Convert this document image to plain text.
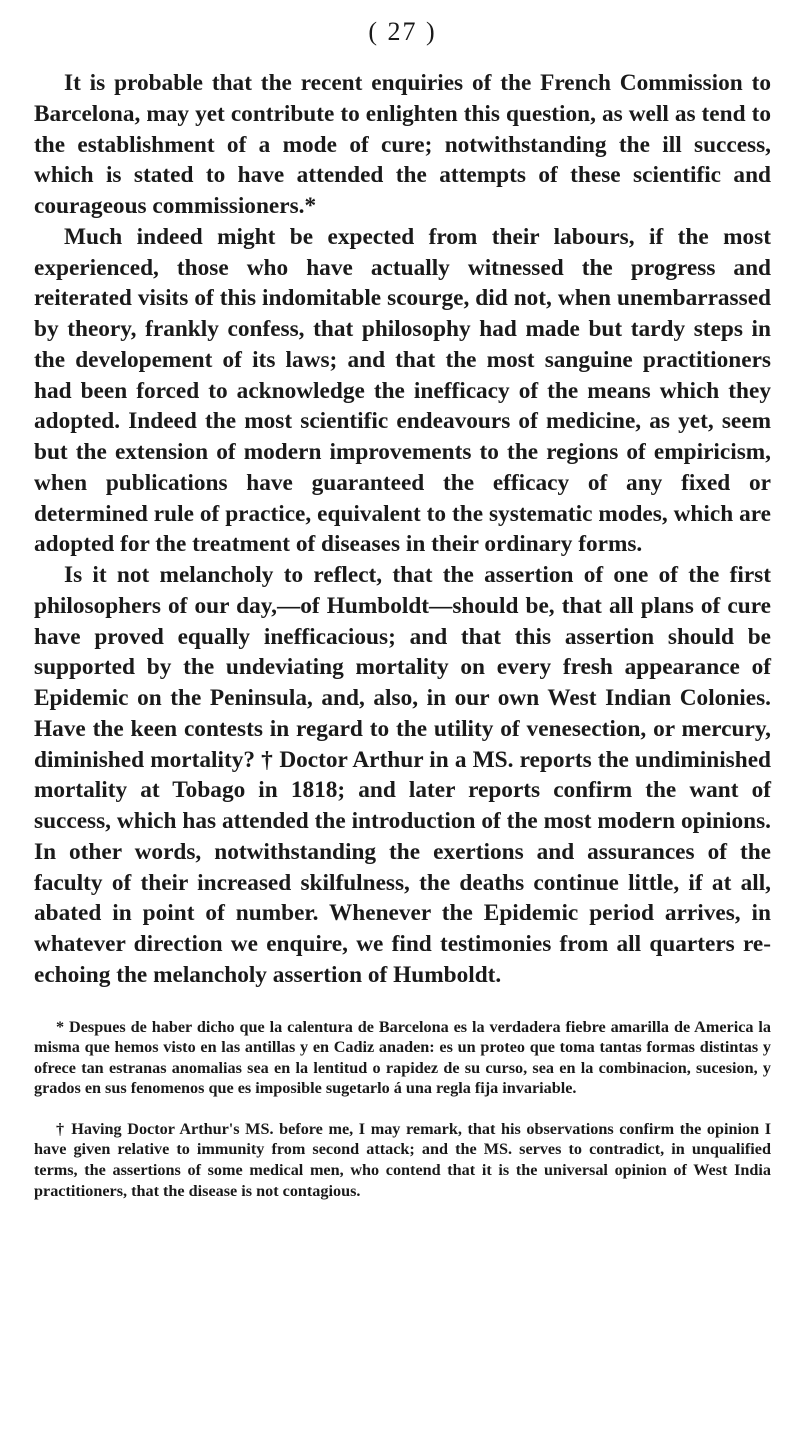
( 27 )

It is probable that the recent enquiries of the French Commission to Barcelona, may yet contribute to enlighten this question, as well as tend to the establishment of a mode of cure; notwithstanding the ill success, which is stated to have attended the attempts of these scientific and courageous commissioners.*

Much indeed might be expected from their labours, if the most experienced, those who have actually witnessed the progress and reiterated visits of this indomitable scourge, did not, when unembarrassed by theory, frankly confess, that philosophy had made but tardy steps in the developement of its laws; and that the most sanguine practitioners had been forced to acknowledge the inefficacy of the means which they adopted. Indeed the most scientific endeavours of medicine, as yet, seem but the extension of modern improvements to the regions of empiricism, when publications have guaranteed the efficacy of any fixed or determined rule of practice, equivalent to the systematic modes, which are adopted for the treatment of diseases in their ordinary forms.

Is it not melancholy to reflect, that the assertion of one of the first philosophers of our day,—of Humboldt—should be, that all plans of cure have proved equally inefficacious; and that this assertion should be supported by the undeviating mortality on every fresh appearance of Epidemic on the Peninsula, and, also, in our own West Indian Colonies. Have the keen contests in regard to the utility of venesection, or mercury, diminished mortality? † Doctor Arthur in a MS. reports the undiminished mortality at Tobago in 1818; and later reports confirm the want of success, which has attended the introduction of the most modern opinions. In other words, notwithstanding the exertions and assurances of the faculty of their increased skilfulness, the deaths continue little, if at all, abated in point of number. Whenever the Epidemic period arrives, in whatever direction we enquire, we find testimonies from all quarters re-echoing the melancholy assertion of Humboldt.

* Despues de haber dicho que la calentura de Barcelona es la verdadera fiebre amarilla de America la misma que hemos visto en las antillas y en Cadiz anaden: es un proteo que toma tantas formas distintas y ofrece tan estranas anomalias sea en la lentitud o rapidez de su curso, sea en la combinacion, sucesion, y grados en sus fenomenos que es imposible sugetarlo á una regla fija invariable.

† Having Doctor Arthur's MS. before me, I may remark, that his observations confirm the opinion I have given relative to immunity from second attack; and the MS. serves to contradict, in unqualified terms, the assertions of some medical men, who contend that it is the universal opinion of West India practitioners, that the disease is not contagious.
